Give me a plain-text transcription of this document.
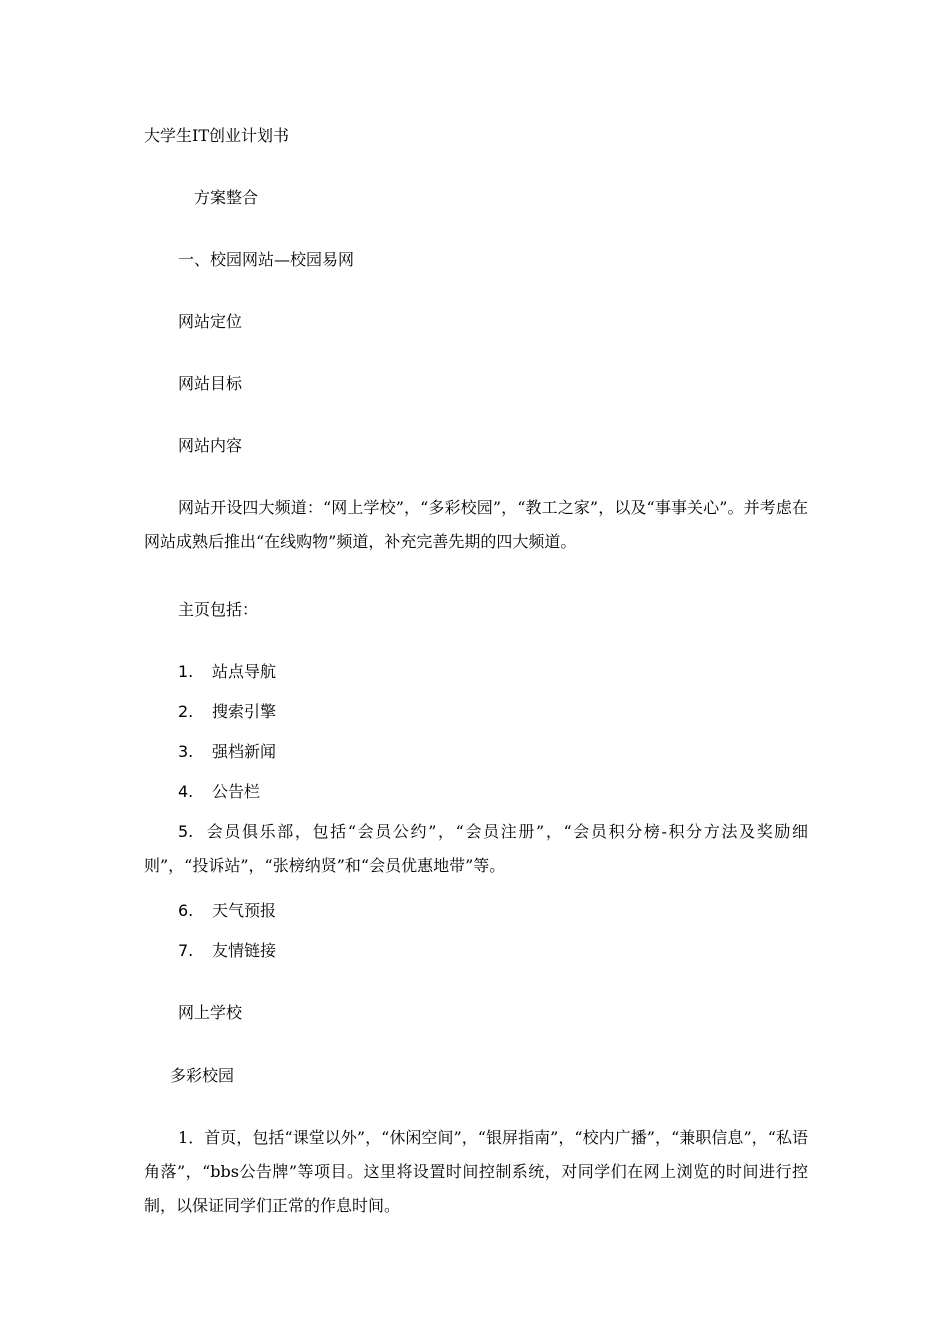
大学生IT创业计划书
方案整合
一、校园网站—校园易网
网站定位
网站目标
网站内容
网站开设四大频道：“网上学校”，“多彩校园”，“教工之家”，以及“事事关心”。并考虑在网站成熟后推出“在线购物”频道，补充完善先期的四大频道。
主页包括：
1. 站点导航
2. 搜索引擎
3. 强档新闻
4. 公告栏
5. 会员俱乐部，包括“会员公约”，“会员注册”，“会员积分榜-积分方法及奖励细则”，“投诉站”，“张榜纳贤”和“会员优惠地带”等。
6. 天气预报
7. 友情链接
网上学校
多彩校园
1．首页，包括“课堂以外”，“休闲空间”，“银屏指南”，“校内广播”，“兼职信息”，“私语角落”，“bbs公告牌”等项目。这里将设置时间控制系统，对同学们在网上浏览的时间进行控制，以保证同学们正常的作息时间。
